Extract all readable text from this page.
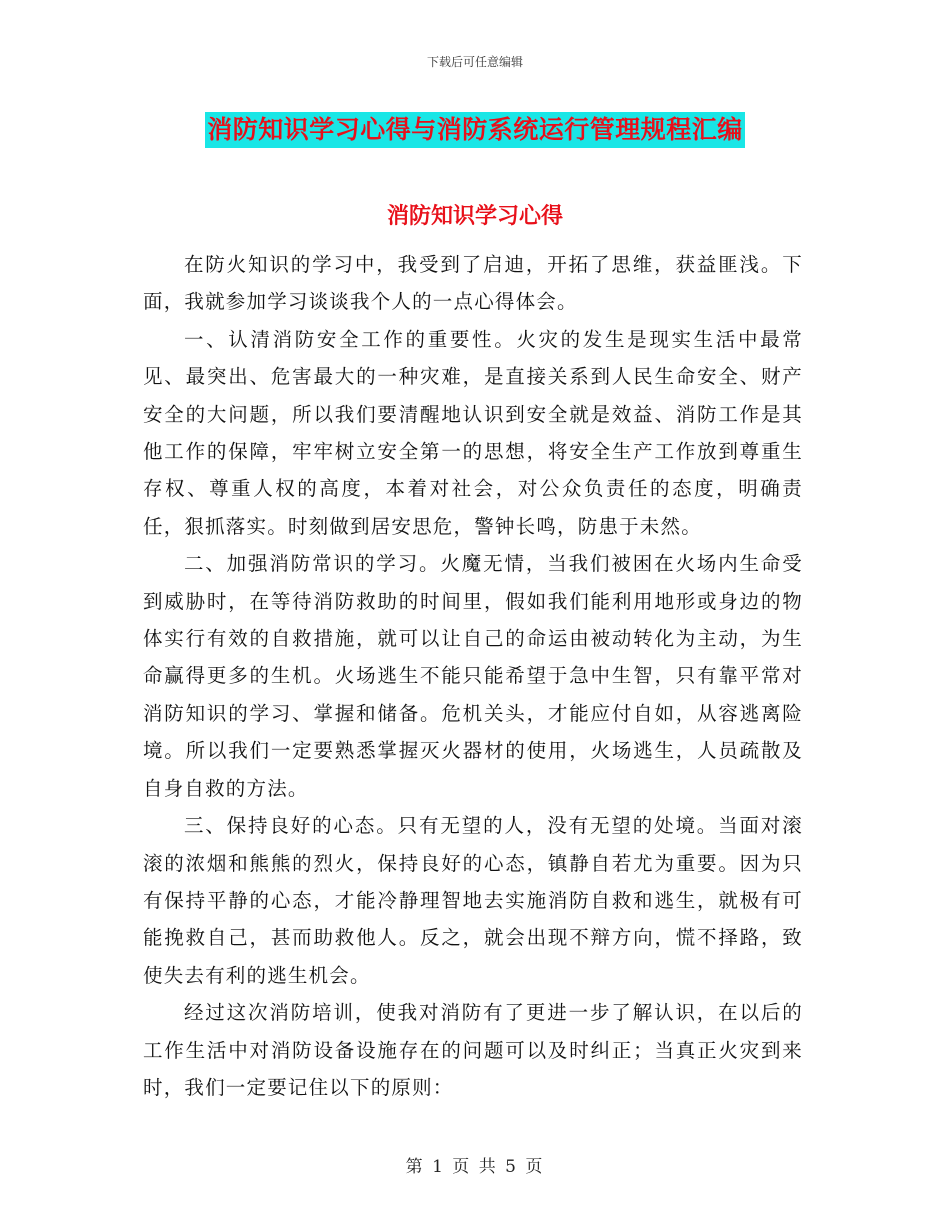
下载后可任意编辑
消防知识学习心得与消防系统运行管理规程汇编
消防知识学习心得

在防火知识的学习中，我受到了启迪，开拓了思维，获益匪浅。下面，我就参加学习谈谈我个人的一点心得体会。

一、认清消防安全工作的重要性。火灾的发生是现实生活中最常见、最突出、危害最大的一种灾难，是直接关系到人民生命安全、财产安全的大问题，所以我们要清醒地认识到安全就是效益、消防工作是其他工作的保障，牢牢树立安全第一的思想，将安全生产工作放到尊重生存权、尊重人权的高度，本着对社会，对公众负责任的态度，明确责任，狠抓落实。时刻做到居安思危，警钟长鸣，防患于未然。

二、加强消防常识的学习。火魔无情，当我们被困在火场内生命受到威胁时，在等待消防救助的时间里，假如我们能利用地形或身边的物体实行有效的自救措施，就可以让自己的命运由被动转化为主动，为生命赢得更多的生机。火场逃生不能只能希望于急中生智，只有靠平常对消防知识的学习、掌握和储备。危机关头，才能应付自如，从容逃离险境。所以我们一定要熟悉掌握灭火器材的使用，火场逃生，人员疏散及自身自救的方法。

三、保持良好的心态。只有无望的人，没有无望的处境。当面对滚滚的浓烟和熊熊的烈火，保持良好的心态，镇静自若尤为重要。因为只有保持平静的心态，才能冷静理智地去实施消防自救和逃生，就极有可能挽救自己，甚而助救他人。反之，就会出现不辩方向，慌不择路，致使失去有利的逃生机会。

经过这次消防培训，使我对消防有了更进一步了解认识，在以后的工作生活中对消防设备设施存在的问题可以及时纠正；当真正火灾到来时，我们一定要记住以下的原则：

第 1 页 共 5 页
